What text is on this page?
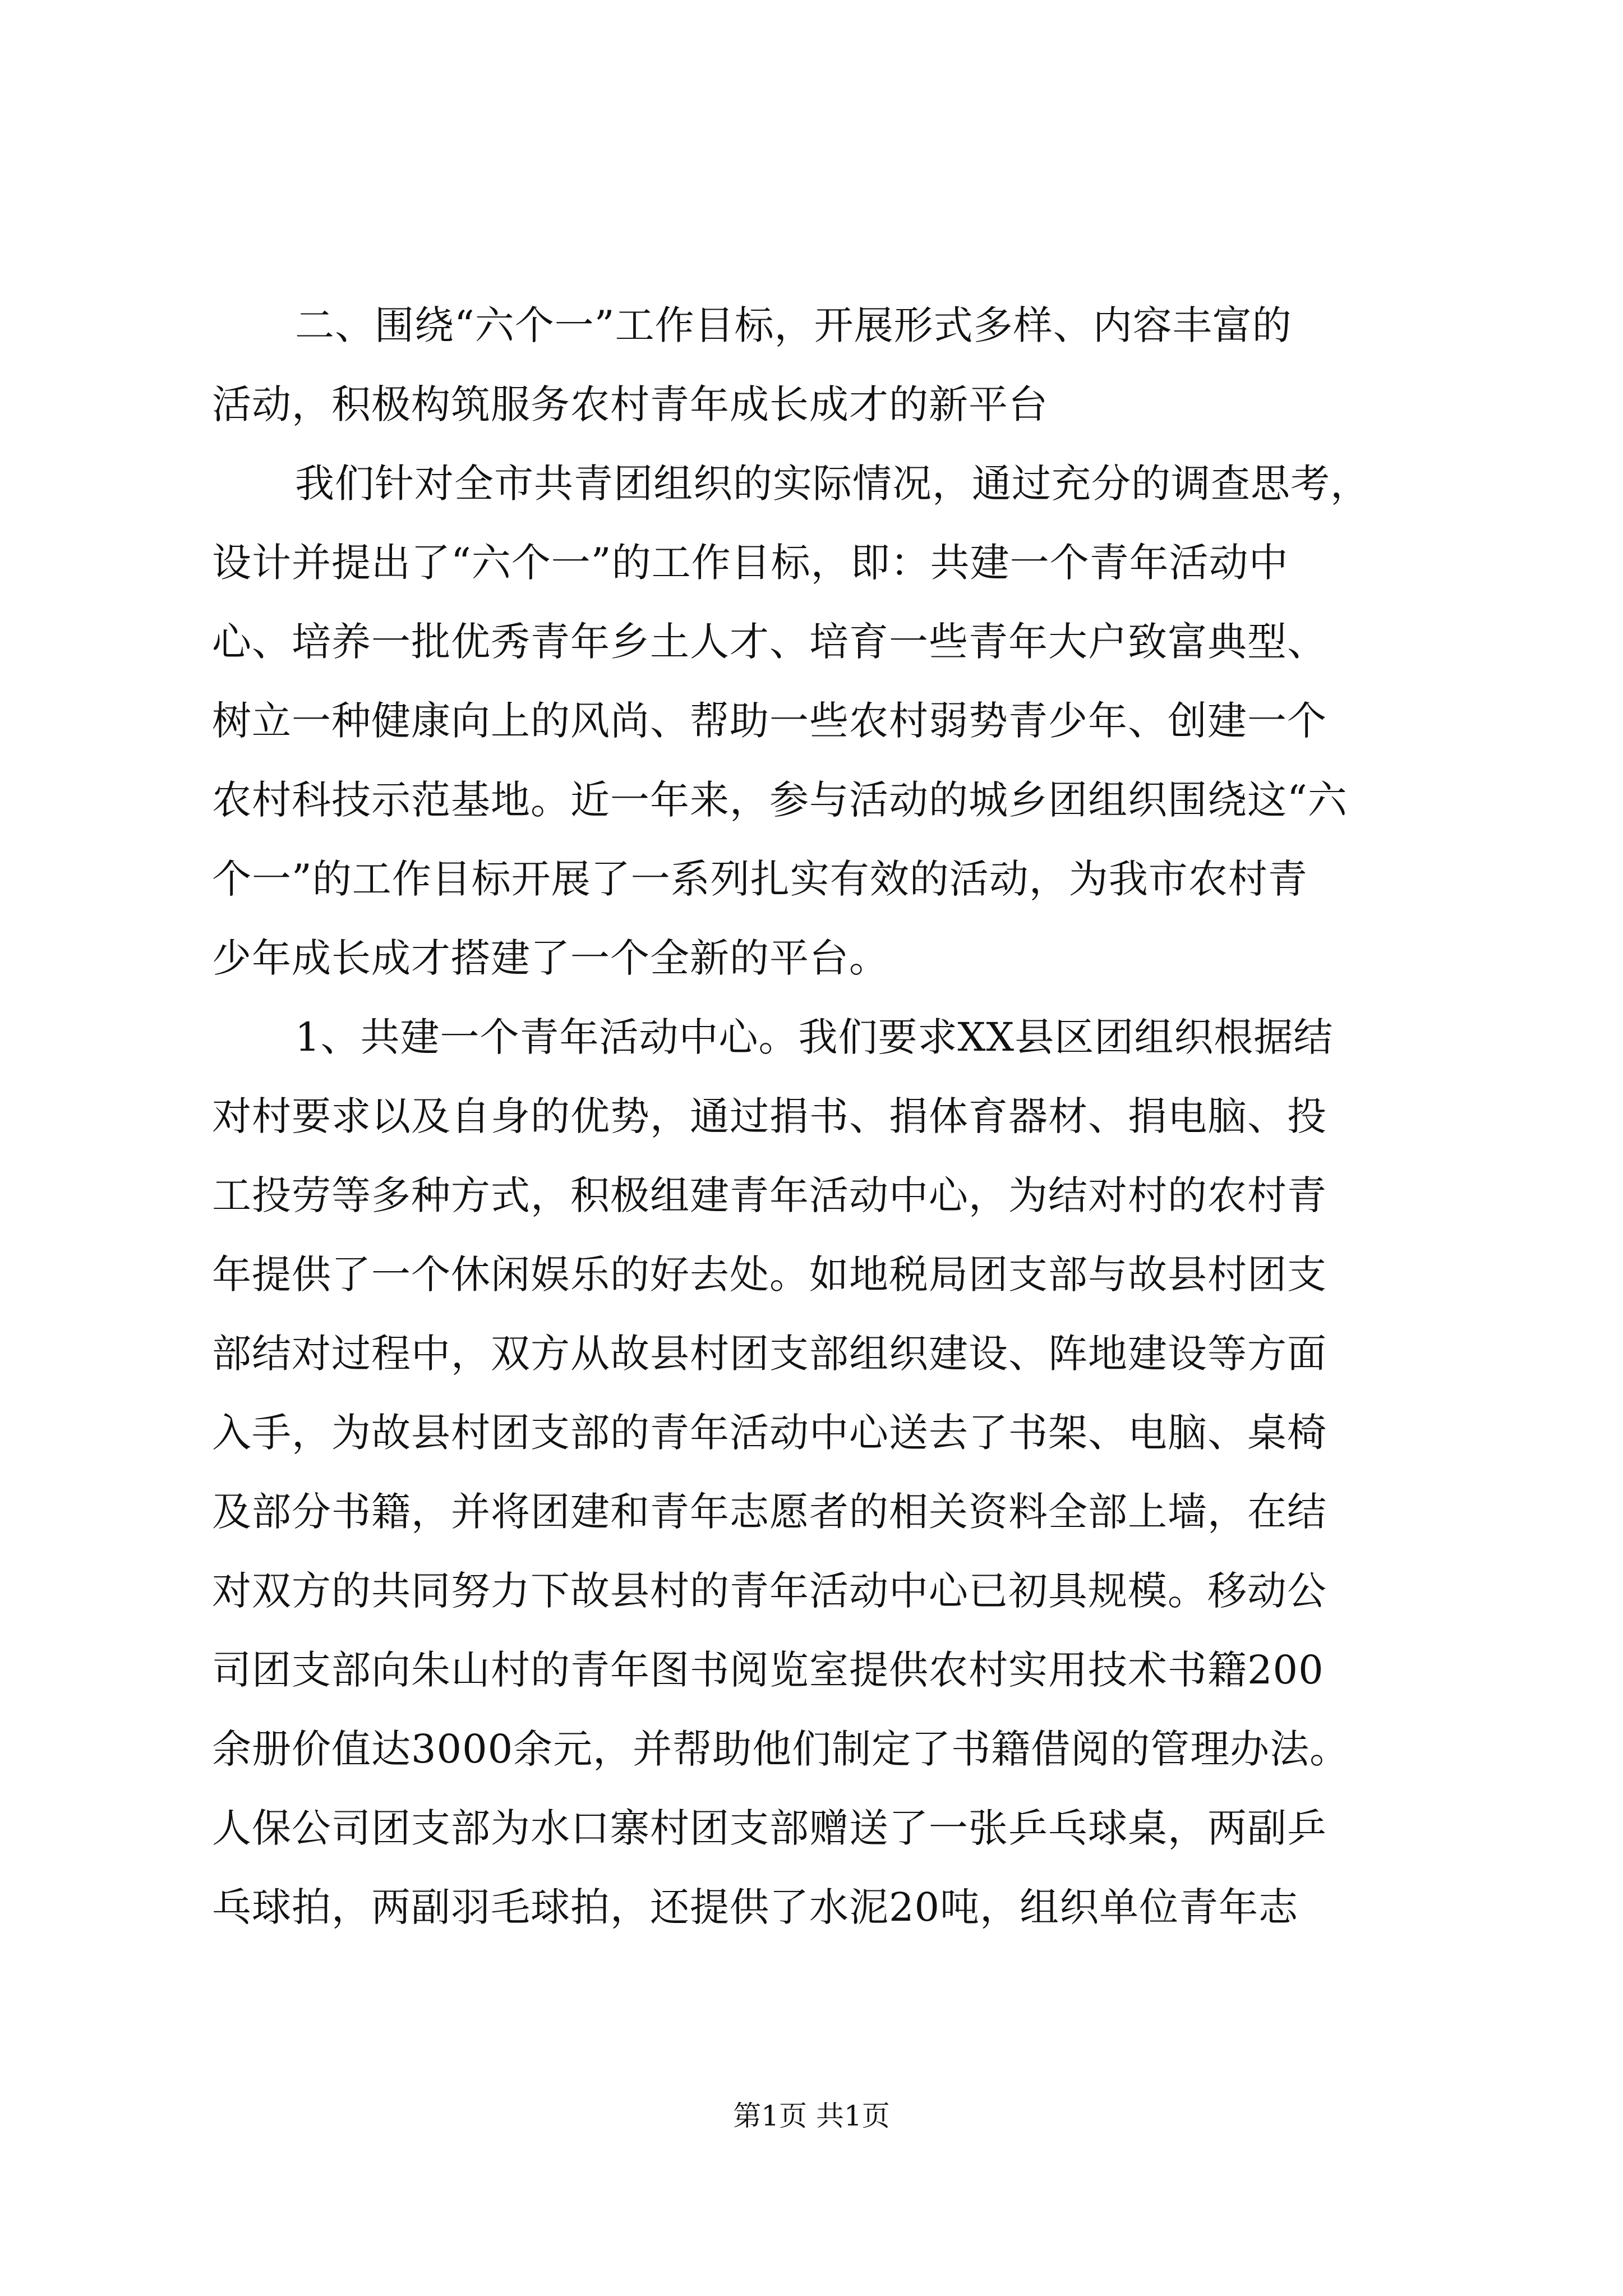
二、围绕“六个一”工作目标，开展形式多样、内容丰富的
活动，积极构筑服务农村青年成长成才的新平台
我们针对全市共青团组织的实际情况，通过充分的调查思考，
设计并提出了“六个一”的工作目标，即：共建一个青年活动中
心、培养一批优秀青年乡土人才、培育一些青年大户致富典型、
树立一种健康向上的风尚、帮助一些农村弱势青少年、创建一个
农村科技示范基地。近一年来，参与活动的城乡团组织围绕这“六
个一”的工作目标开展了一系列扎实有效的活动，为我市农村青
少年成长成才搭建了一个全新的平台。
1、共建一个青年活动中心。我们要求XX县区团组织根据结
对村要求以及自身的优势，通过捐书、捐体育器材、捐电脑、投
工投劳等多种方式，积极组建青年活动中心，为结对村的农村青
年提供了一个休闲娱乐的好去处。如地税局团支部与故县村团支
部结对过程中，双方从故县村团支部组织建设、阵地建设等方面
入手，为故县村团支部的青年活动中心送去了书架、电脑、桌椅
及部分书籍，并将团建和青年志愿者的相关资料全部上墙，在结
对双方的共同努力下故县村的青年活动中心已初具规模。移动公
司团支部向朱山村的青年图书阅览室提供农村实用技术书籍200
余册价值达3000余元，并帮助他们制定了书籍借阅的管理办法。
人保公司团支部为水口寨村团支部赠送了一张乒乓球桌，两副乒
乓球拍，两副羽毛球拍，还提供了水泥20吨，组织单位青年志
第1页 共1页
